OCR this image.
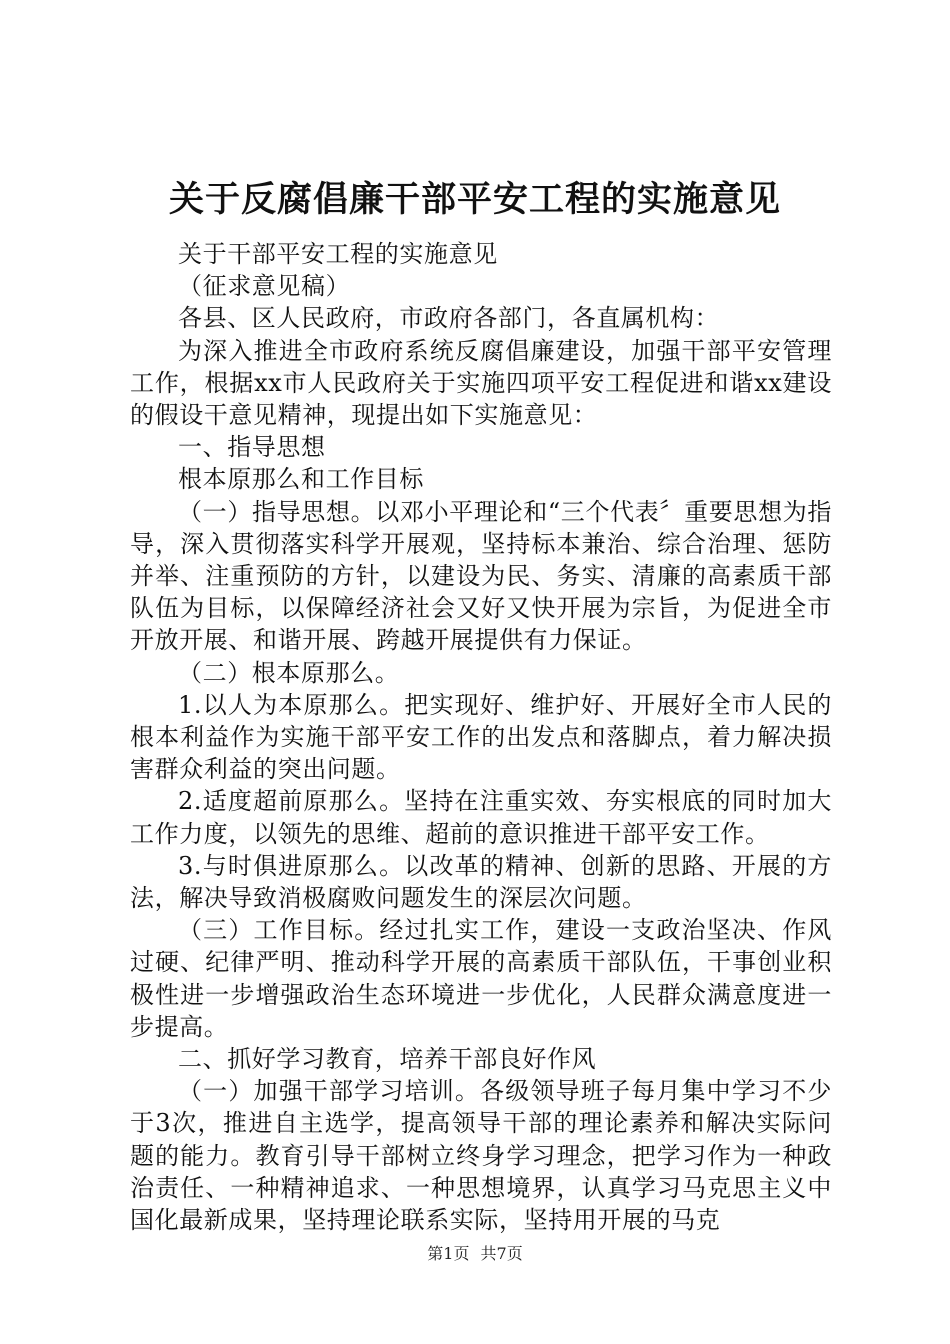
关于反腐倡廉干部平安工程的实施意见

关于干部平安工程的实施意见

（征求意见稿）

各县、区人民政府，市政府各部门，各直属机构：

为深入推进全市政府系统反腐倡廉建设，加强干部平安管理工作，根据xx市人民政府关于实施四项平安工程促进和谐xx建设的假设干意见精神，现提出如下实施意见：

一、指导思想

根本原那么和工作目标

（一）指导思想。以邓小平理论和“三个代表〞重要思想为指导，深入贯彻落实科学开展观，坚持标本兼治、综合治理、惩防并举、注重预防的方针，以建设为民、务实、清廉的高素质干部队伍为目标，以保障经济社会又好又快开展为宗旨，为促进全市开放开展、和谐开展、跨越开展提供有力保证。

（二）根本原那么。

1.以人为本原那么。把实现好、维护好、开展好全市人民的根本利益作为实施干部平安工作的出发点和落脚点，着力解决损害群众利益的突出问题。

2.适度超前原那么。坚持在注重实效、夯实根底的同时加大工作力度，以领先的思维、超前的意识推进干部平安工作。

3.与时俱进原那么。以改革的精神、创新的思路、开展的方法，解决导致消极腐败问题发生的深层次问题。

（三）工作目标。经过扎实工作，建设一支政治坚决、作风过硬、纪律严明、推动科学开展的高素质干部队伍，干事创业积极性进一步增强政治生态环境进一步优化，人民群众满意度进一步提高。

二、抓好学习教育，培养干部良好作风

（一）加强干部学习培训。各级领导班子每月集中学习不少于3次，推进自主选学，提高领导干部的理论素养和解决实际问题的能力。教育引导干部树立终身学习理念，把学习作为一种政治责任、一种精神追求、一种思想境界，认真学习马克思主义中国化最新成果，坚持理论联系实际，坚持用开展的马克

第1页 共7页
